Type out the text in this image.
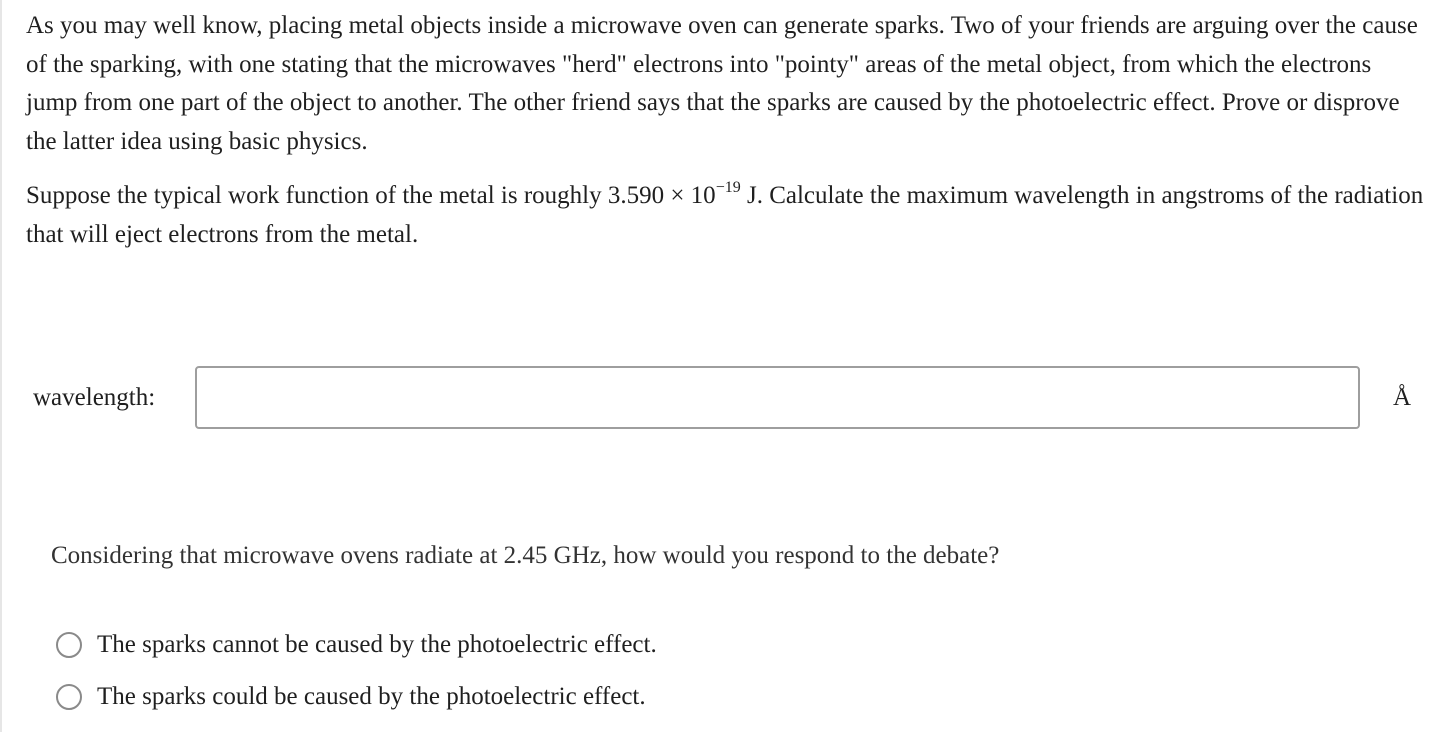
As you may well know, placing metal objects inside a microwave oven can generate sparks. Two of your friends are arguing over the cause of the sparking, with one stating that the microwaves "herd" electrons into "pointy" areas of the metal object, from which the electrons jump from one part of the object to another. The other friend says that the sparks are caused by the photoelectric effect. Prove or disprove the latter idea using basic physics.

Suppose the typical work function of the metal is roughly $3.590 \times 10^{-19}$ J. Calculate the maximum wavelength in angstroms of the radiation that will eject electrons from the metal.

wavelength:	Å

Considering that microwave ovens radiate at 2.45 GHz, how would you respond to the debate?

The sparks cannot be caused by the photoelectric effect.
The sparks could be caused by the photoelectric effect.
